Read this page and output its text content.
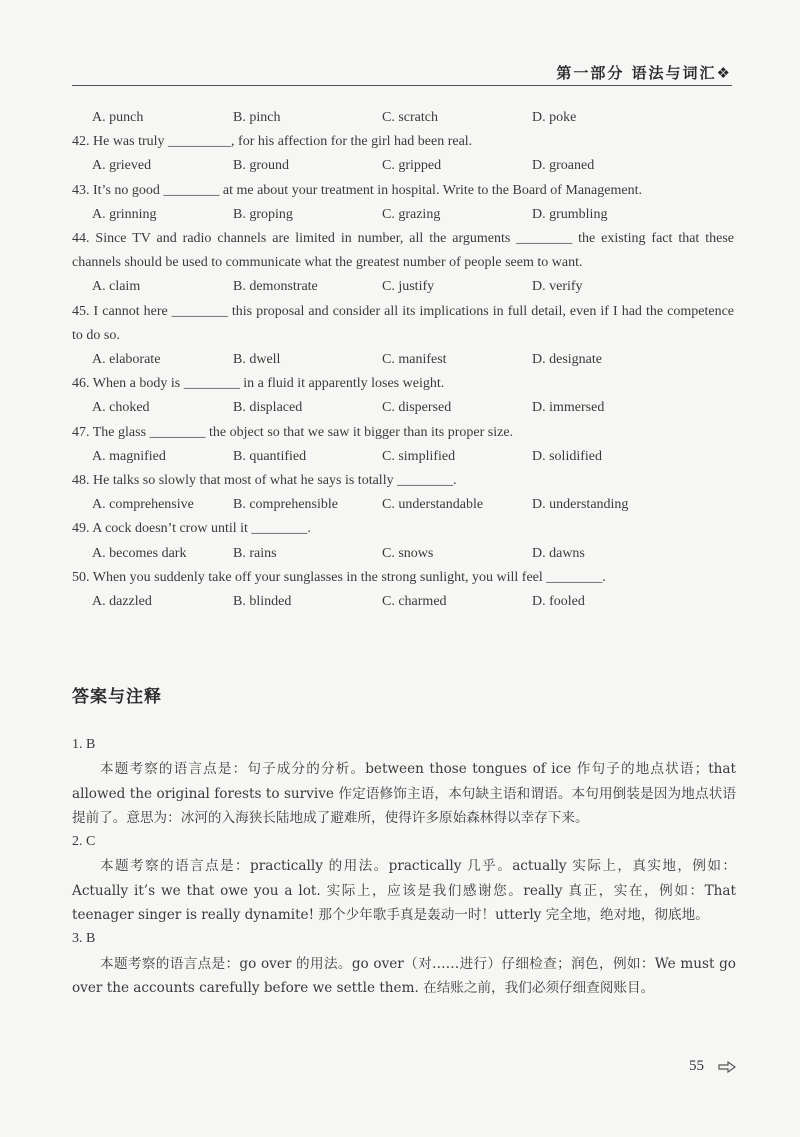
第一部分 语法与词汇❖
A. punch	B. pinch	C. scratch	D. poke
42. He was truly _________, for his affection for the girl had been real.
A. grieved	B. ground	C. gripped	D. groaned
43. It’s no good ________ at me about your treatment in hospital. Write to the Board of Management.
A. grinning	B. groping	C. grazing	D. grumbling
44. Since TV and radio channels are limited in number, all the arguments ________ the existing fact that these channels should be used to communicate what the greatest number of people seem to want.
A. claim	B. demonstrate	C. justify	D. verify
45. I cannot here ________ this proposal and consider all its implications in full detail, even if I had the competence to do so.
A. elaborate	B. dwell	C. manifest	D. designate
46. When a body is ________ in a fluid it apparently loses weight.
A. choked	B. displaced	C. dispersed	D. immersed
47. The glass ________ the object so that we saw it bigger than its proper size.
A. magnified	B. quantified	C. simplified	D. solidified
48. He talks so slowly that most of what he says is totally ________.
A. comprehensive	B. comprehensible	C. understandable	D. understanding
49. A cock doesn’t crow until it ________.
A. becomes dark	B. rains	C. snows	D. dawns
50. When you suddenly take off your sunglasses in the strong sunlight, you will feel ________.
A. dazzled	B. blinded	C. charmed	D. fooled
答案与注释
1. B
本题考察的语言点是：句子成分的分析。between those tongues of ice 作句子的地点状语；that allowed the original forests to survive 作定语修饰主语，本句缺主语和谓语。本句用倒装是因为地点状语提前了。意思为：冰河的入海狭长陆地成了避难所，使得许多原始森林得以幸存下来。
2. C
本题考察的语言点是：practically 的用法。practically 几乎。actually 实际上，真实地，例如：Actually it’s we that owe you a lot. 实际上，应该是我们感谢您。really 真正，实在，例如：That teenager singer is really dynamite! 那个少年歌手真是轰动一时！utterly 完全地，绝对地，彻底地。
3. B
本题考察的语言点是：go over 的用法。go over（对……进行）仔细检查；润色，例如：We must go over the accounts carefully before we settle them. 在结账之前，我们必须仔细查阅账目。
55
